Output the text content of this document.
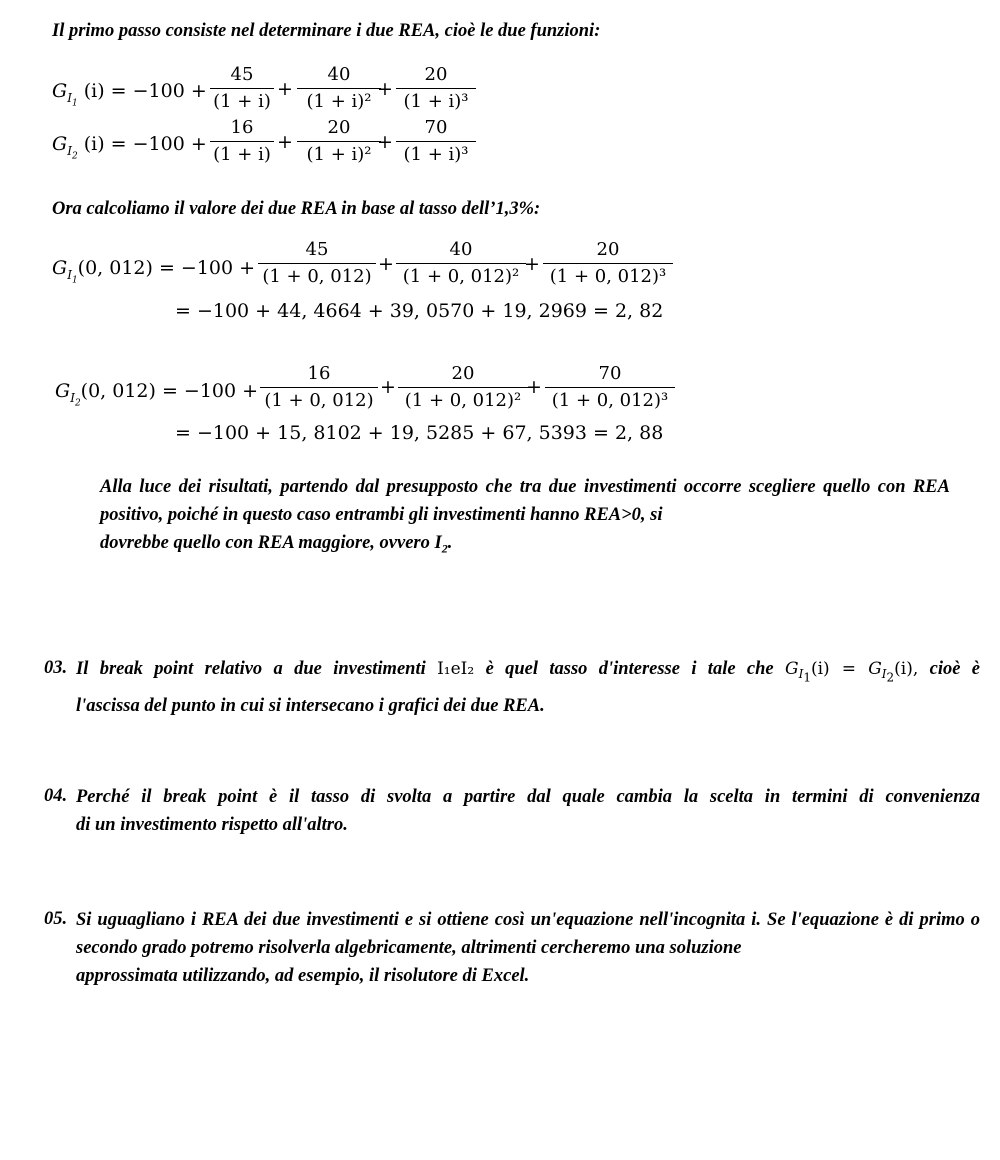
Il primo passo consiste nel determinare i due REA, cioè le due funzioni:
$G_{I_1}$ $(i) = -100 + \frac{45}{(1 + i)} + \frac{40}{\text{(1 + i)²}}$
+ $\frac{20}{\text{(1 + i)³}}$
$G_{I_2}$ $(i) = -100 + \frac{16}{(1 + i)} + \frac{20}{\text{(1 + i)²}}$
+ $\frac{70}{\text{(1 + i)³}}$
Ora calcoliamo il valore dei due REA in base al tasso dell’1,3%:
$G_{I_1}(0$, $012) = -100 + \frac{45}{(1 + 0, 012)} + \frac{40}{\text{(1 + 0, 012)²}}$
+ $\frac{20}{\text{(1 + 0, 012)³}}$
= −100 + 44, 4664 + 39, 0570 + 19, 2969 = 2, 82
$G_{I_2}(0$, $012) = -100 + \frac{16}{(1 + 0, 012)} + \frac{20}{\text{(1 + 0, 012)²}}$
+ $\frac{70}{\text{(1 + 0, 012)³}}$
= −100 + 15, 8102 + 19, 5285 + 67, 5393 = 2, 88
Alla luce dei risultati, partendo dal presupposto che tra due investimenti occorre scegliere quello con REA positivo, poiché in questo caso entrambi gli investimenti hanno REA>0, si
dovrebbe quello con REA maggiore, ovvero $I_2$.
03. Il break point relativo a due investimenti I₁eI₂ è quel tasso d'interesse i tale che $G_{I_1}(i) = G_{I_2}(i)$, cioè è
l'ascissa del punto in cui si intersecano i grafici dei due REA.
04. Perché il break point è il tasso di svolta a partire dal quale cambia la scelta in termini di convenienza
di un investimento rispetto all'altro.
05. Si uguagliano i REA dei due investimenti e si ottiene così un'equazione nell'incognita i. Se l'equazione è di primo o secondo grado potremo risolverla algebricamente, altrimenti cercheremo una soluzione
approssimata utilizzando, ad esempio, il risolutore di Excel.
